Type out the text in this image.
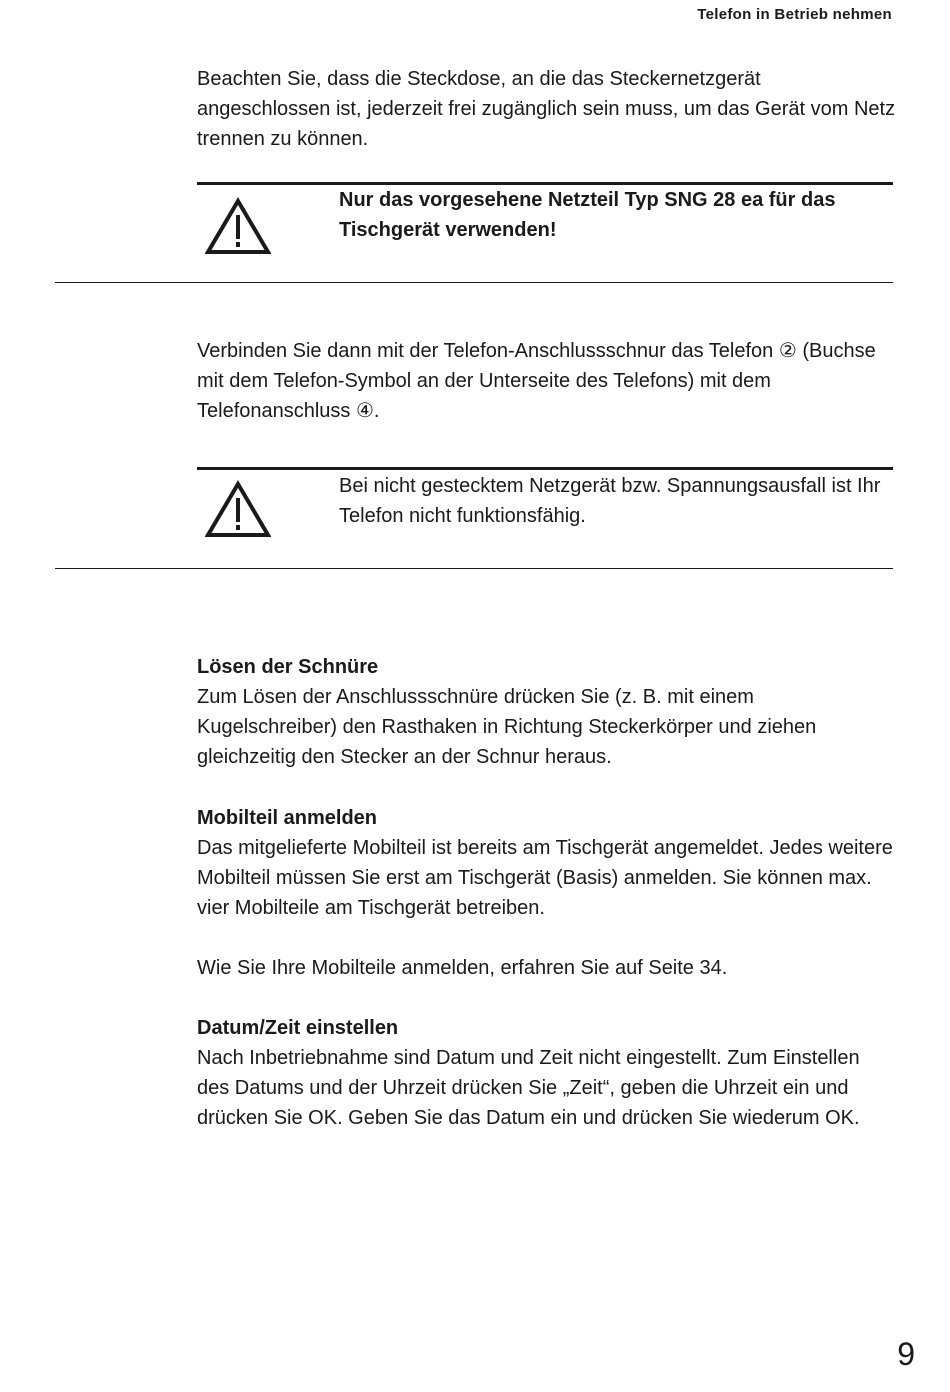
Telefon in Betrieb nehmen

Beachten Sie, dass die Steckdose, an die das Steckernetzgerät angeschlossen ist, jederzeit frei zugänglich sein muss, um das Gerät vom Netz trennen zu können.

Nur das vorgesehene Netzteil Typ SNG 28 ea für das Tischgerät verwenden!

Verbinden Sie dann mit der Telefon-Anschlussschnur das Telefon ② (Buchse mit dem Telefon-Symbol an der Unterseite des Telefons) mit dem Telefonanschluss ④.

Bei nicht gestecktem Netzgerät bzw. Spannungsausfall ist Ihr Telefon nicht funktionsfähig.

Lösen der Schnüre
Zum Lösen der Anschlussschnüre drücken Sie (z. B. mit einem Kugelschreiber) den Rasthaken in Richtung Steckerkörper und ziehen gleichzeitig den Stecker an der Schnur heraus.
Mobilteil anmelden
Das mitgelieferte Mobilteil ist bereits am Tischgerät angemeldet. Jedes weitere Mobilteil müssen Sie erst am Tischgerät (Basis) anmelden. Sie können max. vier Mobilteile am Tischgerät betreiben.

Wie Sie Ihre Mobilteile anmelden, erfahren Sie auf Seite 34.

Datum/Zeit einstellen
Nach Inbetriebnahme sind Datum und Zeit nicht eingestellt. Zum Einstellen des Datums und der Uhrzeit drücken Sie „Zeit“, geben die Uhrzeit ein und drücken Sie OK. Geben Sie das Datum ein und drücken Sie wiederum OK.
9
